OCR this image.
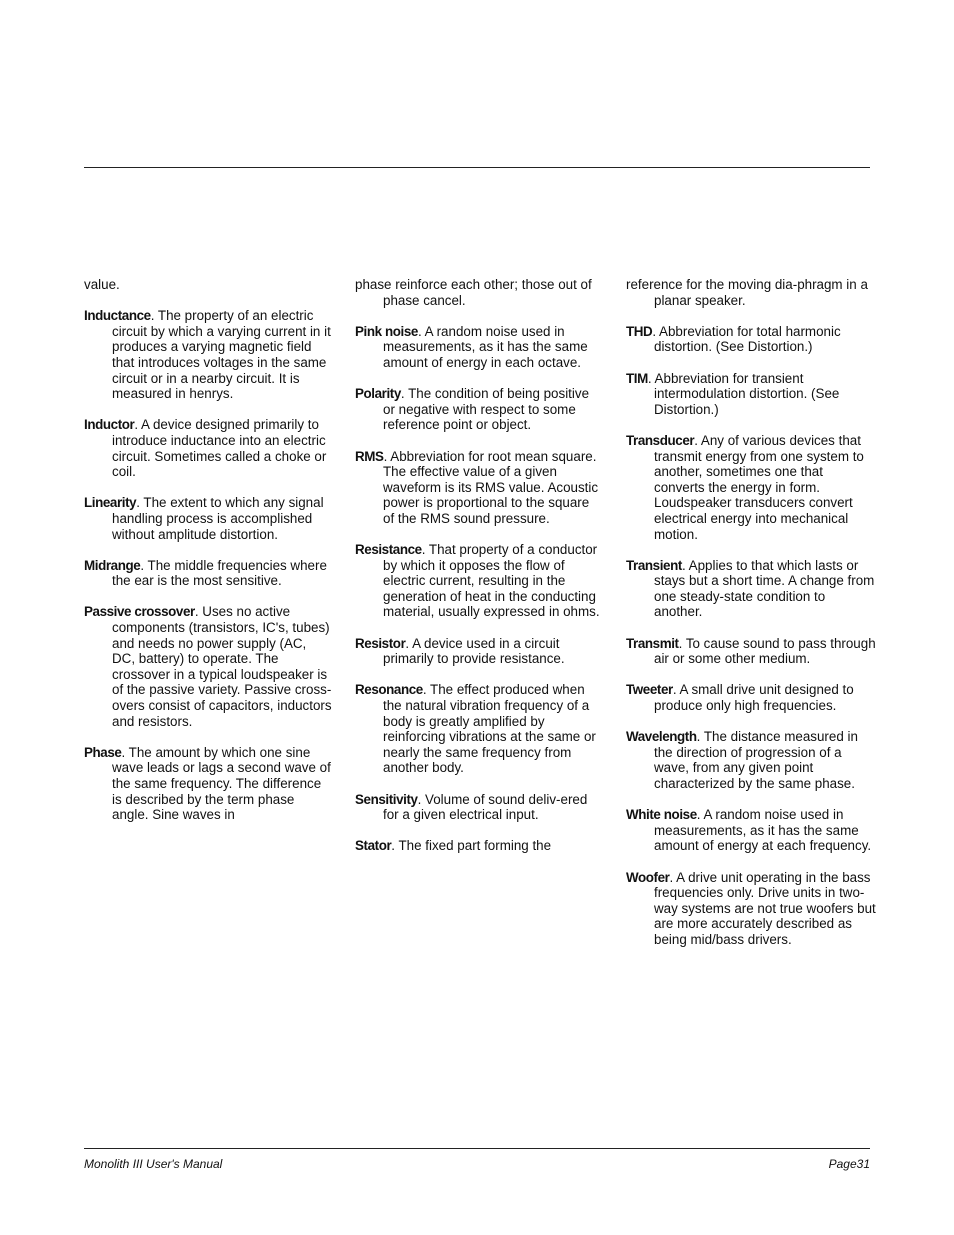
value.
Inductance. The property of an electric circuit by which a varying current in it produces a varying magnetic field that introduces voltages in the same circuit or in a nearby circuit. It is measured in henrys.
Inductor. A device designed primarily to introduce inductance into an electric circuit. Sometimes called a choke or coil.
Linearity. The extent to which any signal handling process is accomplished without amplitude distortion.
Midrange. The middle frequencies where the ear is the most sensitive.
Passive crossover. Uses no active components (transistors, IC's, tubes) and needs no power supply (AC, DC, battery) to operate. The crossover in a typical loudspeaker is of the passive variety. Passive cross-overs consist of capacitors, inductors and resistors.
Phase. The amount by which one sine wave leads or lags a second wave of the same frequency. The difference is described by the term phase angle. Sine waves in
phase reinforce each other; those out of phase cancel.
Pink noise. A random noise used in measurements, as it has the same amount of energy in each octave.
Polarity. The condition of being positive or negative with respect to some reference point or object.
RMS. Abbreviation for root mean square. The effective value of a given waveform is its RMS value. Acoustic power is proportional to the square of the RMS sound pressure.
Resistance. That property of a conductor by which it opposes the flow of electric current, resulting in the generation of heat in the conducting material, usually expressed in ohms.
Resistor. A device used in a circuit primarily to provide resistance.
Resonance. The effect produced when the natural vibration frequency of a body is greatly amplified by reinforcing vibrations at the same or nearly the same frequency from another body.
Sensitivity. Volume of sound deliv-ered for a given electrical input.
Stator. The fixed part forming the
reference for the moving dia-phragm in a planar speaker.
THD. Abbreviation for total harmonic distortion. (See Distortion.)
TIM. Abbreviation for transient intermodulation distortion. (See Distortion.)
Transducer. Any of various devices that transmit energy from one system to another, sometimes one that converts the energy in form. Loudspeaker transducers convert electrical energy into mechanical motion.
Transient. Applies to that which lasts or stays but a short time. A change from one steady-state condition to another.
Transmit. To cause sound to pass through air or some other medium.
Tweeter. A small drive unit designed to produce only high frequencies.
Wavelength. The distance measured in the direction of progression of a wave, from any given point characterized by the same phase.
White noise. A random noise used in measurements, as it has the same amount of energy at each frequency.
Woofer. A drive unit operating in the bass frequencies only. Drive units in two-way systems are not true woofers but are more accurately described as being mid/bass drivers.
Monolith III User's Manual	Page31
